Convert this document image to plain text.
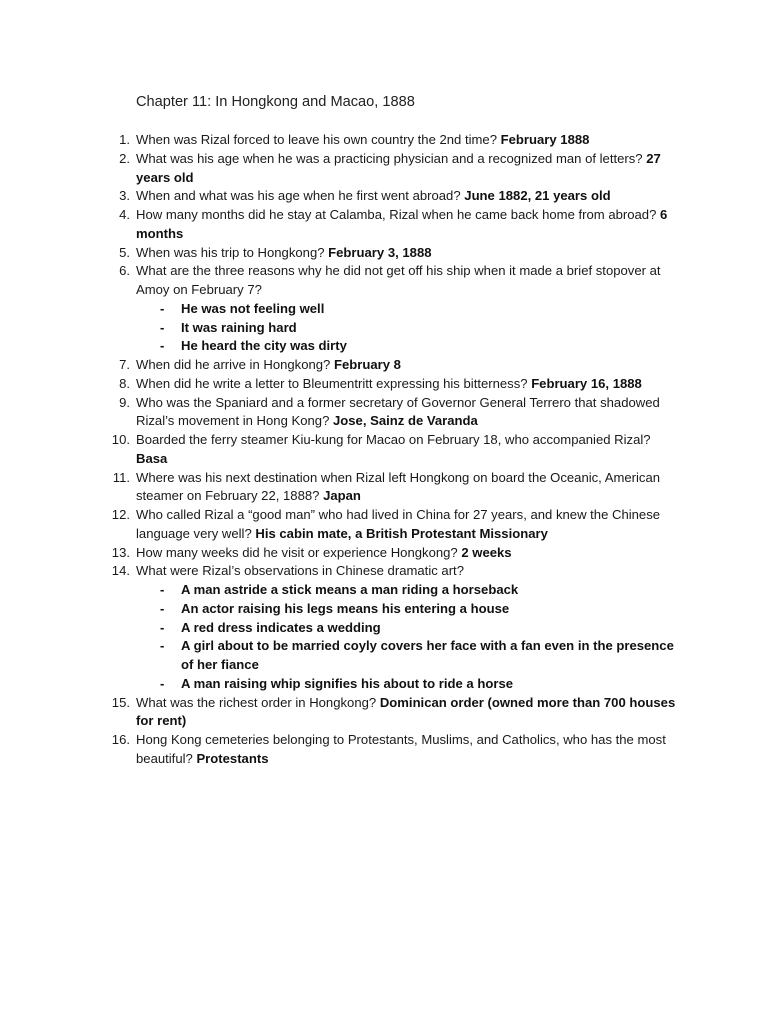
Chapter 11: In Hongkong and Macao, 1888
1. When was Rizal forced to leave his own country the 2nd time? February 1888
2. What was his age when he was a practicing physician and a recognized man of letters? 27 years old
3. When and what was his age when he first went abroad? June 1882, 21 years old
4. How many months did he stay at Calamba, Rizal when he came back home from abroad? 6 months
5. When was his trip to Hongkong? February 3, 1888
6. What are the three reasons why he did not get off his ship when it made a brief stopover at Amoy on February 7?
- He was not feeling well
- It was raining hard
- He heard the city was dirty
7. When did he arrive in Hongkong? February 8
8. When did he write a letter to Bleumentritt expressing his bitterness? February 16, 1888
9. Who was the Spaniard and a former secretary of Governor General Terrero that shadowed Rizal’s movement in Hong Kong? Jose, Sainz de Varanda
10. Boarded the ferry steamer Kiu-kung for Macao on February 18, who accompanied Rizal? Basa
11. Where was his next destination when Rizal left Hongkong on board the Oceanic, American steamer on February 22, 1888? Japan
12. Who called Rizal a “good man” who had lived in China for 27 years, and knew the Chinese language very well? His cabin mate, a British Protestant Missionary
13. How many weeks did he visit or experience Hongkong? 2 weeks
14. What were Rizal’s observations in Chinese dramatic art?
- A man astride a stick means a man riding a horseback
- An actor raising his legs means his entering a house
- A red dress indicates a wedding
- A girl about to be married coyly covers her face with a fan even in the presence of her fiance
- A man raising whip signifies his about to ride a horse
15. What was the richest order in Hongkong? Dominican order (owned more than 700 houses for rent)
16. Hong Kong cemeteries belonging to Protestants, Muslims, and Catholics, who has the most beautiful? Protestants
